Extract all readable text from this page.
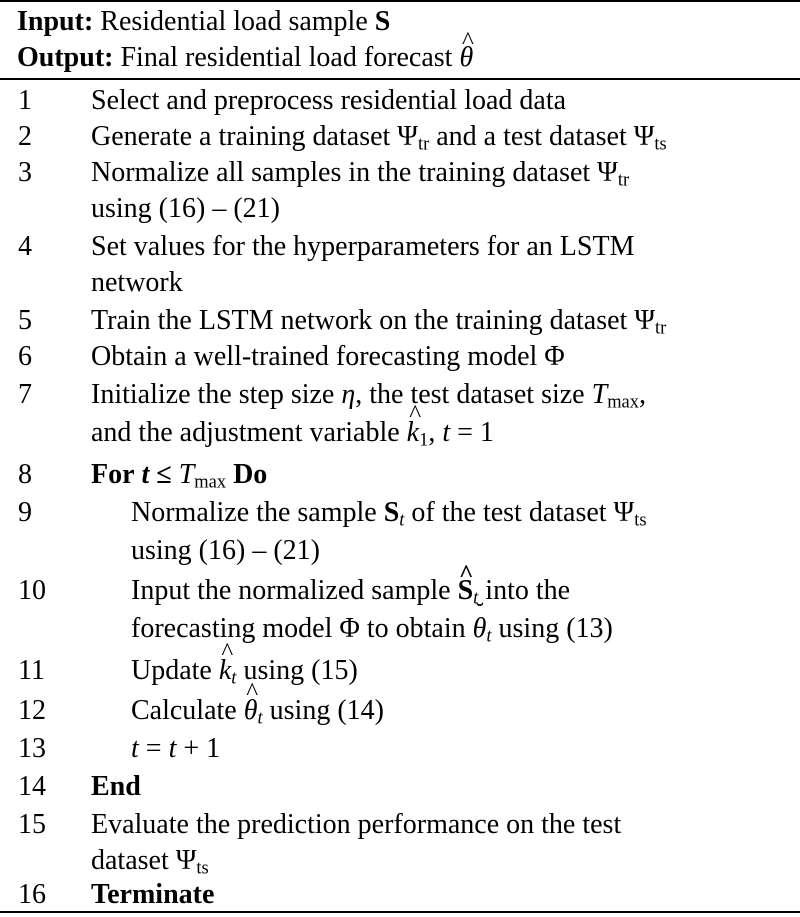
Input: Residential load sample S
Output: Final residential load forecast ^ θ
1 Select and preprocess residential load data
2 Generate a training dataset $\Psi_{tr}$ and a test dataset $\Psi_{ts}$
3 Normalize all samples in the training dataset $\Psi_{tr}$
using (16) – (21)
4 Set values for the hyperparameters for an LSTM
network
5 Train the LSTM network on the training dataset $\Psi_{tr}$
6 Obtain a well-trained forecasting model Φ
7 Initialize the step size η, the test dataset size $T_{max}$,
and the adjustment variable ^ $k_1$, t = 1
8 For $t \le T_{max}$ Do
9	Normalize the sample $S_t$ of the test dataset $\Psi_{ts}$
using (16) – (21)
10	Input the normalized sample ^ $S_t$ into the
forecasting model Φ to obtain ˘ $\theta_t$ using (13)
11	Update ^ $k_t$ using (15)
12	Calculate ^ $\theta_t$ using (14)
13	t = t + 1
14 End
15 Evaluate the prediction performance on the test
dataset $\Psi_{ts}$
16 Terminate
